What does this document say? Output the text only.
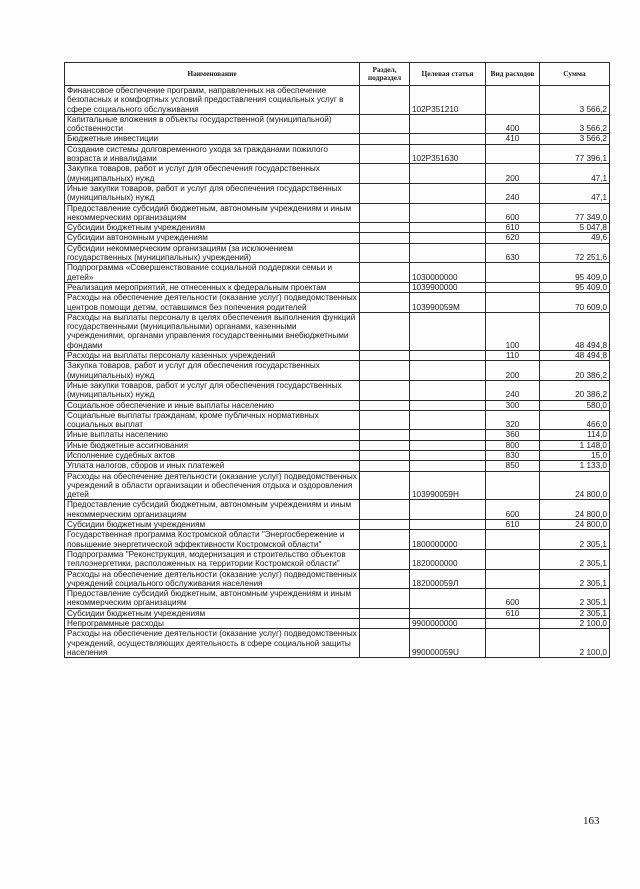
Наименование	Раздел, подраздел	Целевая статья	Вид расходов	Сумма
Финансовое обеспечение программ, направленных на обеспечение безопасных и комфортных условий предоставления социальных услуг в сфере социального обслуживания		102P351210		3 566,2
Капитальные вложения в объекты государственной (муниципальной) собственности			400	3 566,2
Бюджетные инвестиции			410	3 566,2
Создание системы долговременного ухода за гражданами пожилого возраста и инвалидами		102P351630		77 396,1
Закупка товаров, работ и услуг для обеспечения государственных (муниципальных) нужд			200	47,1
Иные закупки товаров, работ и услуг для обеспечения государственных (муниципальных) нужд			240	47,1
Предоставление субсидий бюджетным, автономным учреждениям и иным некоммерческим организациям			600	77 349,0
Субсидии бюджетным учреждениям			610	5 047,8
Субсидии автономным учреждениям			620	49,6
Субсидии некоммерческим организациям (за исключением государственных (муниципальных) учреждений)			630	72 251,6
Подпрограмма «Совершенствование социальной поддержки семьи и детей»		1030000000		95 409,0
Реализация мероприятий, не отнесенных к федеральным проектам		1039900000		95 409,0
Расходы на обеспечение деятельности (оказание услуг) подведомственных центров помощи детям, оставшимся без попечения родителей		103990059M		70 609,0
Расходы на выплаты персоналу в целях обеспечения выполнения функций государственными (муниципальными) органами, казенными учреждениями, органами управления государственными внебюджетными фондами			100	48 494,8
Расходы на выплаты персоналу казенных учреждений			110	48 494,8
Закупка товаров, работ и услуг для обеспечения государственных (муниципальных) нужд			200	20 386,2
Иные закупки товаров, работ и услуг для обеспечения государственных (муниципальных) нужд			240	20 386,2
Социальное обеспечение и иные выплаты населению			300	580,0
Социальные выплаты гражданам, кроме публичных нормативных социальных выплат			320	466,0
Иные выплаты населению			360	114,0
Иные бюджетные ассигнования			800	1 148,0
Исполнение судебных актов			830	15,0
Уплата налогов, сборов и иных платежей			850	1 133,0
Расходы на обеспечение деятельности (оказание услуг) подведомственных учреждений в области организации и обеспечения отдыха и оздоровления детей		103990059H		24 800,0
Предоставление субсидий бюджетным, автономным учреждениям и иным некоммерческим организациям			600	24 800,0
Субсидии бюджетным учреждениям			610	24 800,0
Государственная программа Костромской области "Энергосбережение и повышение энергетической эффективности Костромской области"		1800000000		2 305,1
Подпрограмма "Реконструкция, модернизация и строительство объектов теплоэнергетики, расположенных на территории Костромской области"		1820000000		2 305,1
Расходы на обеспечение деятельности (оказание услуг) подведомственных учреждений социального обслуживания населения		182000059Л		2 305,1
Предоставление субсидий бюджетным, автономным учреждениям и иным некоммерческим организациям			600	2 305,1
Субсидии бюджетным учреждениям			610	2 305,1
Непрограммные расходы		9900000000		2 100,0
Расходы на обеспечение деятельности (оказание услуг) подведомственных учреждений, осуществляющих деятельность в сфере социальной защиты населения		990000059U		2 100,0
163
